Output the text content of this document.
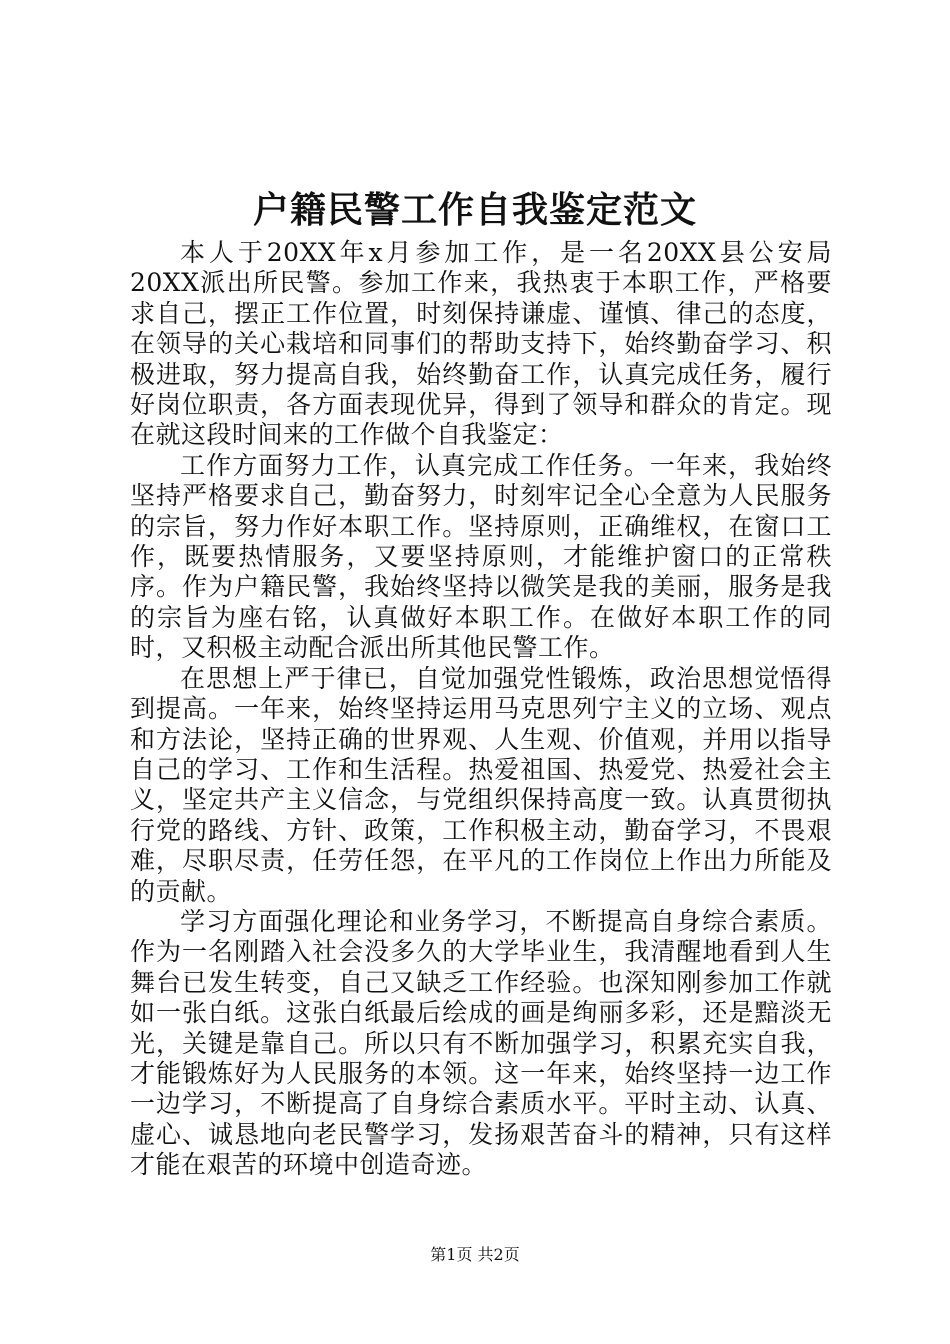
户籍民警工作自我鉴定范文

本人于20XX年x月参加工作，是一名20XX县公安局20XX派出所民警。参加工作来，我热衷于本职工作，严格要求自己，摆正工作位置，时刻保持谦虚、谨慎、律己的态度，在领导的关心栽培和同事们的帮助支持下，始终勤奋学习、积极进取，努力提高自我，始终勤奋工作，认真完成任务，履行好岗位职责，各方面表现优异，得到了领导和群众的肯定。现在就这段时间来的工作做个自我鉴定：

工作方面努力工作，认真完成工作任务。一年来，我始终坚持严格要求自己，勤奋努力，时刻牢记全心全意为人民服务的宗旨，努力作好本职工作。坚持原则，正确维权，在窗口工作，既要热情服务，又要坚持原则，才能维护窗口的正常秩序。作为户籍民警，我始终坚持以微笑是我的美丽，服务是我的宗旨为座右铭，认真做好本职工作。在做好本职工作的同时，又积极主动配合派出所其他民警工作。

在思想上严于律已，自觉加强党性锻炼，政治思想觉悟得到提高。一年来，始终坚持运用马克思列宁主义的立场、观点和方法论，坚持正确的世界观、人生观、价值观，并用以指导自己的学习、工作和生活程。热爱祖国、热爱党、热爱社会主义，坚定共产主义信念，与党组织保持高度一致。认真贯彻执行党的路线、方针、政策，工作积极主动，勤奋学习，不畏艰难，尽职尽责，任劳任怨，在平凡的工作岗位上作出力所能及的贡献。

学习方面强化理论和业务学习，不断提高自身综合素质。作为一名刚踏入社会没多久的大学毕业生，我清醒地看到人生舞台已发生转变，自己又缺乏工作经验。也深知刚参加工作就如一张白纸。这张白纸最后绘成的画是绚丽多彩，还是黯淡无光，关键是靠自己。所以只有不断加强学习，积累充实自我，才能锻炼好为人民服务的本领。这一年来，始终坚持一边工作一边学习，不断提高了自身综合素质水平。平时主动、认真、虚心、诚恳地向老民警学习，发扬艰苦奋斗的精神，只有这样才能在艰苦的环境中创造奇迹。

第1页 共2页
